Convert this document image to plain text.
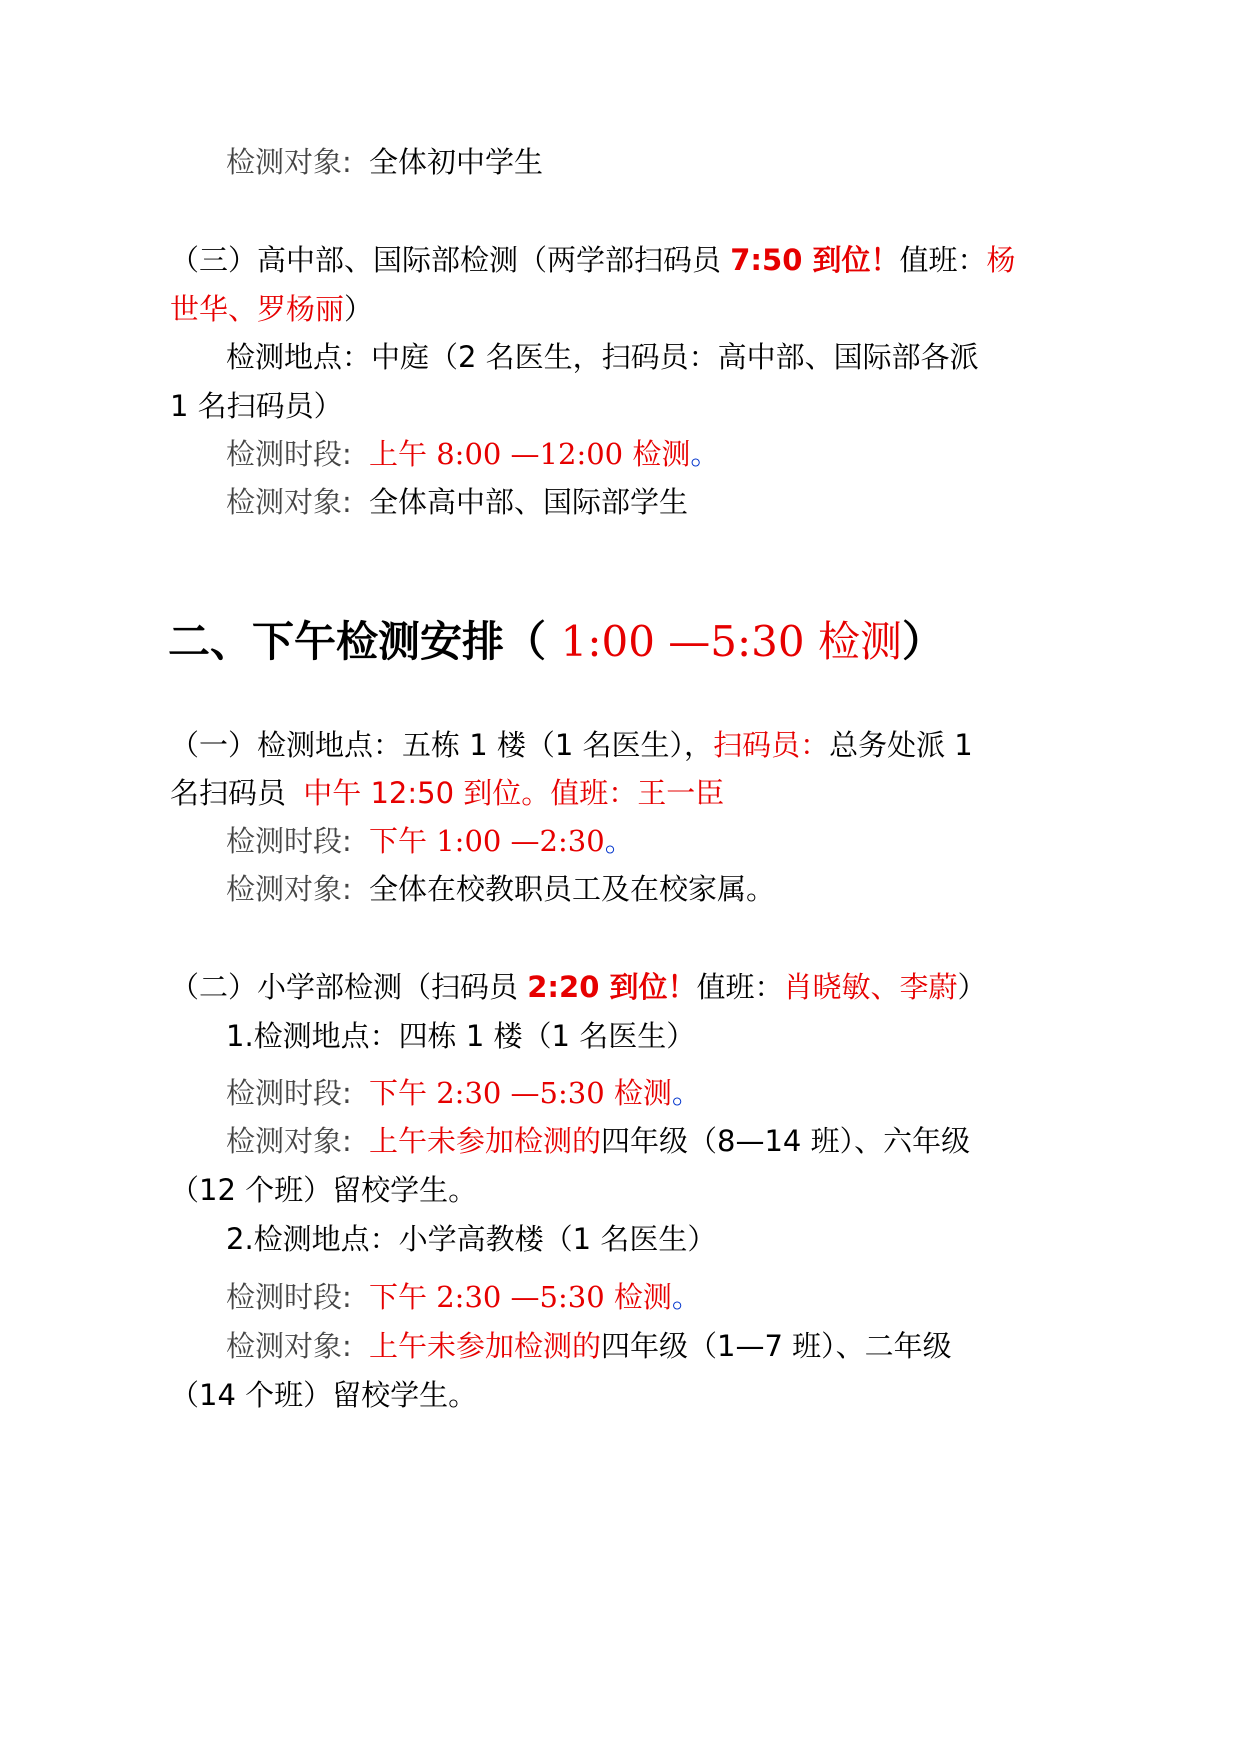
检测对象: 全体初中学生
（三）高中部、国际部检测（两学部扫码员 7:50 到位！值班：杨
世华、罗杨丽）
检测地点：中庭（2 名医生，扫码员：高中部、国际部各派
1 名扫码员）
检测时段: 上午 8:00 —12:00 检测。
检测对象: 全体高中部、国际部学生
二、下午检测安排（ 1:00 —5:30 检测）
（一）检测地点：五栋 1 楼（1 名医生），扫码员：总务处派 1
名扫码员 中午 12:50 到位。值班：王一臣
检测时段: 下午 1:00 —2:30。
检测对象: 全体在校教职员工及在校家属。
（二）小学部检测（扫码员 2:20 到位！值班：肖晓敏、李蔚）
1.检测地点：四栋 1 楼（1 名医生）
检测时段: 下午 2:30 —5:30 检测。
检测对象: 上午未参加检测的四年级（8—14 班）、六年级
（12 个班）留校学生。
2.检测地点：小学高教楼（1 名医生）
检测时段: 下午 2:30 —5:30 检测。
检测对象: 上午未参加检测的四年级（1—7 班）、二年级
（14 个班）留校学生。
